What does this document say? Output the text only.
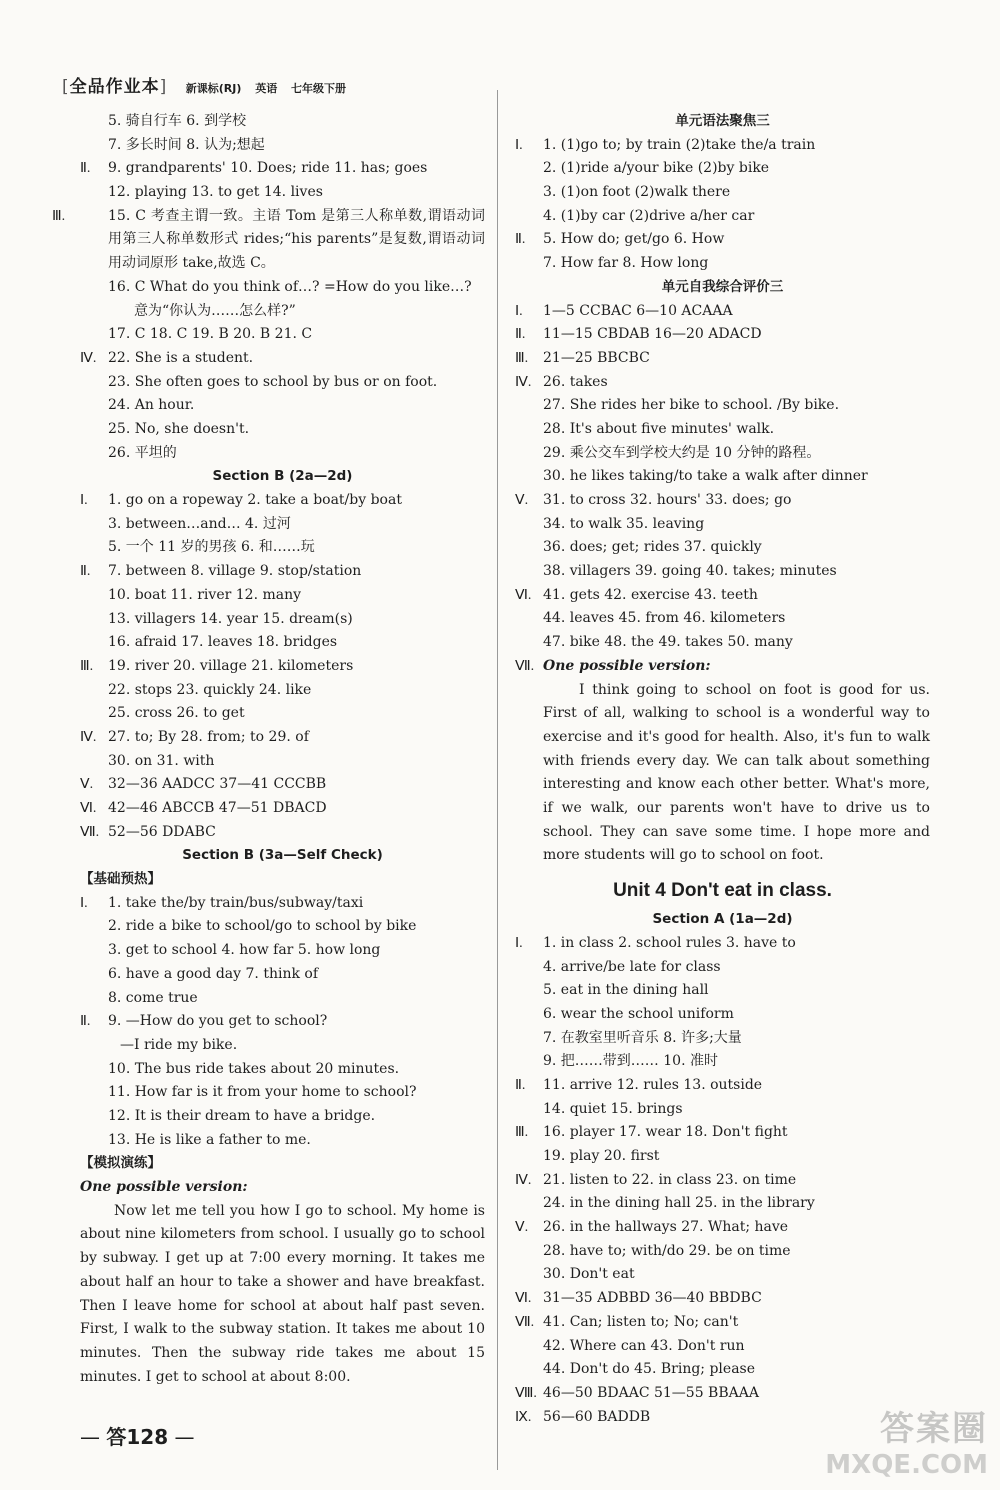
[全品作业本] 新课标(RJ) 英语 七年级下册
5. 骑自行车 6. 到学校
7. 多长时间 8. 认为;想起
Ⅱ. 9. grandparents' 10. Does; ride 11. has; goes
12. playing 13. to get 14. lives
Ⅲ.	15. C 考查主谓一致。主语 Tom 是第三人称单数,谓语动词用第三人称单数形式 rides;“his parents”是复数,谓语动词用动词原形 take,故选 C。
16. C What do you think of…? =How do you like…? 意为“你认为……怎么样?”
17. C 18. C 19. B 20. B 21. C
Ⅳ. 22. She is a student.
23. She often goes to school by bus or on foot.
24. An hour.
25. No, she doesn't.
26. 平坦的
Section B (2a—2d)
Ⅰ. 1. go on a ropeway 2. take a boat/by boat
3. between…and… 4. 过河
5. 一个 11 岁的男孩 6. 和……玩
Ⅱ. 7. between 8. village 9. stop/station
10. boat 11. river 12. many
13. villagers 14. year 15. dream(s)
16. afraid 17. leaves 18. bridges
Ⅲ. 19. river 20. village 21. kilometers
22. stops 23. quickly 24. like
25. cross 26. to get
Ⅳ. 27. to; By 28. from; to 29. of
30. on 31. with
Ⅴ. 32—36 AADCC 37—41 CCCBB
Ⅵ. 42—46 ABCCB 47—51 DBACD
Ⅶ. 52—56 DDABC
Section B (3a—Self Check)
【基础预热】
Ⅰ. 1. take the/by train/bus/subway/taxi
2. ride a bike to school/go to school by bike
3. get to school 4. how far 5. how long
6. have a good day 7. think of
8. come true
Ⅱ. 9. —How do you get to school?
—I ride my bike.
10. The bus ride takes about 20 minutes.
11. How far is it from your home to school?
12. It is their dream to have a bridge.
13. He is like a father to me.
【模拟演练】
One possible version:
Now let me tell you how I go to school. My home is about nine kilometers from school. I usually go to school by subway. I get up at 7:00 every morning. It takes me about half an hour to take a shower and have breakfast. Then I leave home for school at about half past seven. First, I walk to the subway station. It takes me about 10 minutes. Then the subway ride takes me about 15 minutes. I get to school at about 8:00.
单元语法聚焦三
Ⅰ. 1. (1)go to; by train (2)take the/a train
2. (1)ride a/your bike (2)by bike
3. (1)on foot (2)walk there
4. (1)by car (2)drive a/her car
Ⅱ. 5. How do; get/go 6. How
7. How far 8. How long
单元自我综合评价三
Ⅰ. 1—5 CCBAC 6—10 ACAAA
Ⅱ. 11—15 CBDAB 16—20 ADACD
Ⅲ. 21—25 BBCBC
Ⅳ. 26. takes
27. She rides her bike to school. /By bike.
28. It's about five minutes' walk.
29. 乘公交车到学校大约是 10 分钟的路程。
30. he likes taking/to take a walk after dinner
Ⅴ. 31. to cross 32. hours' 33. does; go
34. to walk 35. leaving
36. does; get; rides 37. quickly
38. villagers 39. going 40. takes; minutes
Ⅵ. 41. gets 42. exercise 43. teeth
44. leaves 45. from 46. kilometers
47. bike 48. the 49. takes 50. many
Ⅶ. One possible version:
I think going to school on foot is good for us. First of all, walking to school is a wonderful way to exercise and it's good for health. Also, it's fun to walk with friends every day. We can talk about something interesting and know each other better. What's more, if we walk, our parents won't have to drive us to school. They can save some time. I hope more and more students will go to school on foot.
Unit 4 Don't eat in class.
Section A (1a—2d)
Ⅰ. 1. in class 2. school rules 3. have to
4. arrive/be late for class
5. eat in the dining hall
6. wear the school uniform
7. 在教室里听音乐 8. 许多;大量
9. 把……带到…… 10. 准时
Ⅱ. 11. arrive 12. rules 13. outside
14. quiet 15. brings
Ⅲ. 16. player 17. wear 18. Don't fight
19. play 20. first
Ⅳ. 21. listen to 22. in class 23. on time
24. in the dining hall 25. in the library
Ⅴ. 26. in the hallways 27. What; have
28. have to; with/do 29. be on time
30. Don't eat
Ⅵ. 31—35 ADBBD 36—40 BBDBC
Ⅶ. 41. Can; listen to; No; can't
42. Where can 43. Don't run
44. Don't do 45. Bring; please
Ⅷ. 46—50 BDAAC 51—55 BBAAA
Ⅸ. 56—60 BADDB
— 答128 —	答案圈
MXQE.COM
